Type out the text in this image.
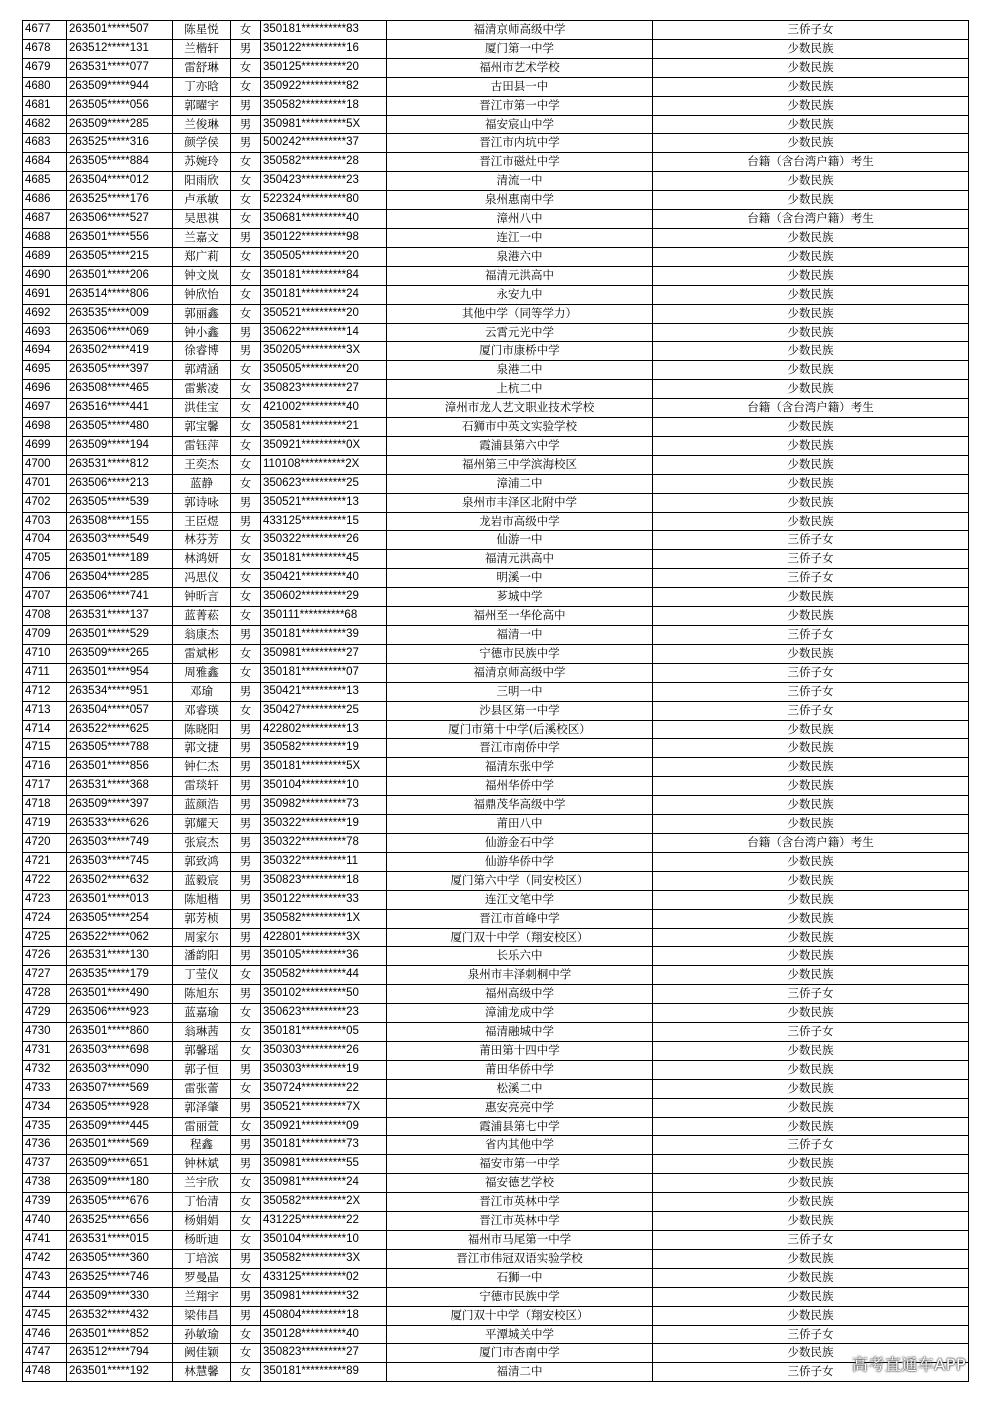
4677	263501*****507	陈星悦	女	350181**********83	福清京师高级中学	三侨子女
4678	263512*****131	兰楷轩	男	350122**********16	厦门第一中学	少数民族
4679	263531*****077	雷舒琳	女	350125**********20	福州市艺术学校	少数民族
4680	263509*****944	丁亦晗	女	350922**********82	古田县一中	少数民族
4681	263505*****056	郭曜宇	男	350582**********18	晋江市第一中学	少数民族
4682	263509*****285	兰俊琳	男	350981**********5X	福安宸山中学	少数民族
4683	263525*****316	颜学侯	男	500242**********37	晋江市内坑中学	少数民族
4684	263505*****884	苏婉玲	女	350582**********28	晋江市磁灶中学	台籍（含台湾户籍）考生
4685	263504*****012	阳雨欣	女	350423**********23	清流一中	少数民族
4686	263525*****176	卢承敏	女	522324**********80	泉州惠南中学	少数民族
4687	263506*****527	吴思祺	女	350681**********40	漳州八中	台籍（含台湾户籍）考生
4688	263501*****556	兰嘉文	男	350122**********98	连江一中	少数民族
4689	263505*****215	郑广莉	女	350505**********20	泉港六中	少数民族
4690	263501*****206	钟文岚	女	350181**********84	福清元洪高中	少数民族
4691	263514*****806	钟欣怡	女	350181**********24	永安九中	少数民族
4692	263535*****009	郭丽鑫	女	350521**********20	其他中学（同等学力）	少数民族
4693	263506*****069	钟小鑫	男	350622**********14	云霄元光中学	少数民族
4694	263502*****419	徐睿博	男	350205**********3X	厦门市康桥中学	少数民族
4695	263505*****397	郭靖涵	女	350505**********20	泉港二中	少数民族
4696	263508*****465	雷紫凌	女	350823**********27	上杭二中	少数民族
4697	263516*****441	洪佳宝	女	421002**********40	漳州市龙人艺文职业技术学校	台籍（含台湾户籍）考生
4698	263505*****480	郭宝馨	女	350581**********21	石狮市中英文实验学校	少数民族
4699	263509*****194	雷钰萍	女	350921**********0X	霞浦县第六中学	少数民族
4700	263531*****812	王奕杰	女	110108**********2X	福州第三中学滨海校区	少数民族
4701	263506*****213	蓝静	女	350623**********25	漳浦二中	少数民族
4702	263505*****539	郭诗咏	男	350521**********13	泉州市丰泽区北附中学	少数民族
4703	263508*****155	王臣煜	男	433125**********15	龙岩市高级中学	少数民族
4704	263503*****549	林芬芳	女	350322**********26	仙游一中	三侨子女
4705	263501*****189	林鸿妍	女	350181**********45	福清元洪高中	三侨子女
4706	263504*****285	冯思仪	女	350421**********40	明溪一中	三侨子女
4707	263506*****741	钟昕言	女	350602**********29	芗城中学	少数民族
4708	263531*****137	蓝菁菘	女	350111**********68	福州至一华伦高中	少数民族
4709	263501*****529	翁康杰	男	350181**********39	福清一中	三侨子女
4710	263509*****265	雷斌彬	女	350981**********27	宁德市民族中学	少数民族
4711	263501*****954	周雅鑫	女	350181**********07	福清京师高级中学	三侨子女
4712	263534*****951	邓瑜	男	350421**********13	三明一中	三侨子女
4713	263504*****057	邓睿瑛	女	350427**********25	沙县区第一中学	三侨子女
4714	263522*****625	陈晓阳	男	422802**********13	厦门市第十中学(后溪校区）	少数民族
4715	263505*****788	郭文捷	男	350582**********19	晋江市南侨中学	少数民族
4716	263501*****856	钟仁杰	男	350181**********5X	福清东张中学	少数民族
4717	263531*****368	雷琰轩	男	350104**********10	福州华侨中学	少数民族
4718	263509*****397	蓝颜浩	男	350982**********73	福鼎茂华高级中学	少数民族
4719	263533*****626	郭耀天	男	350322**********19	莆田八中	少数民族
4720	263503*****749	张宸杰	男	350322**********78	仙游金石中学	台籍（含台湾户籍）考生
4721	263503*****745	郭致鸿	男	350322**********11	仙游华侨中学	少数民族
4722	263502*****632	蓝毅宸	男	350823**********18	厦门第六中学（同安校区）	少数民族
4723	263501*****013	陈旭楷	男	350122**********33	连江文笔中学	少数民族
4724	263505*****254	郭芳桢	男	350582**********1X	晋江市首峰中学	少数民族
4725	263522*****062	周家尔	男	422801**********3X	厦门双十中学（翔安校区）	少数民族
4726	263531*****130	潘韵阳	男	350105**********36	长乐六中	少数民族
4727	263535*****179	丁莹仪	女	350582**********44	泉州市丰泽刺桐中学	少数民族
4728	263501*****490	陈旭东	男	350102**********50	福州高级中学	三侨子女
4729	263506*****923	蓝嘉瑜	女	350623**********23	漳浦龙成中学	少数民族
4730	263501*****860	翁琳茜	女	350181**********05	福清融城中学	三侨子女
4731	263503*****698	郭馨瑶	女	350303**********26	莆田第十四中学	少数民族
4732	263503*****090	郭子恒	男	350303**********19	莆田华侨中学	少数民族
4733	263507*****569	雷张蕾	女	350724**********22	松溪二中	少数民族
4734	263505*****928	郭泽肇	男	350521**********7X	惠安亮亮中学	少数民族
4735	263509*****445	雷丽萱	女	350921**********09	霞浦县第七中学	少数民族
4736	263501*****569	程鑫	男	350181**********73	省内其他中学	三侨子女
4737	263509*****651	钟林斌	男	350981**********55	福安市第一中学	少数民族
4738	263509*****180	兰宇欣	女	350981**********24	福安德艺学校	少数民族
4739	263505*****676	丁怡清	女	350582**********2X	晋江市英林中学	少数民族
4740	263525*****656	杨娟娟	女	431225**********22	晋江市英林中学	少数民族
4741	263531*****015	杨昕迪	女	350104**********10	福州市马尾第一中学	三侨子女
4742	263505*****360	丁培滨	男	350582**********3X	晋江市伟冠双语实验学校	少数民族
4743	263525*****746	罗曼晶	女	433125**********02	石狮一中	少数民族
4744	263509*****330	兰翔宇	男	350981**********32	宁德市民族中学	少数民族
4745	263532*****432	梁伟昌	男	450804**********18	厦门双十中学（翔安校区）	少数民族
4746	263501*****852	孙敏瑜	女	350128**********40	平潭城关中学	三侨子女
4747	263512*****794	阙佳颖	女	350823**********27	厦门市杏南中学	少数民族
4748	263501*****192	林慧馨	女	350181**********89	福清二中	三侨子女 高考直通车APP
